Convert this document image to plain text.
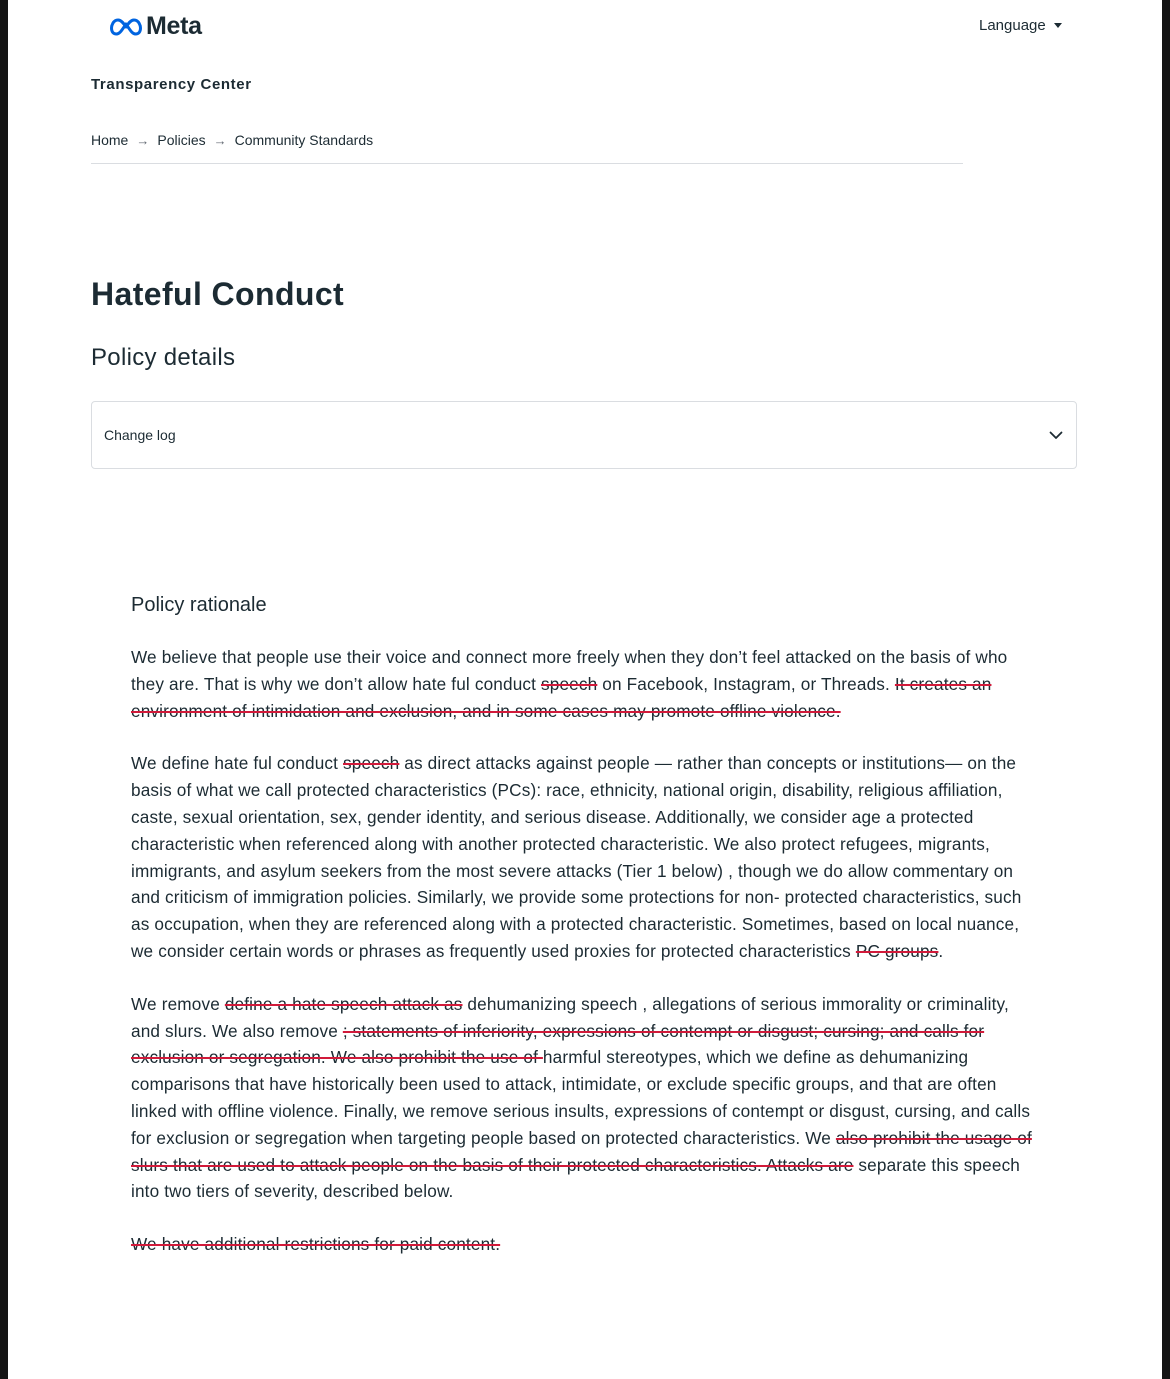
Meta	Language
Transparency Center
Home → Policies → Community Standards
Hateful Conduct
Policy details
Change log
Policy rationale

We believe that people use their voice and connect more freely when they don’t feel attacked on the basis of who they are. That is why we don’t allow hate ful conduct speech on Facebook, Instagram, or Threads. It creates an environment of intimidation and exclusion, and in some cases may promote offline violence.

We define hate ful conduct speech as direct attacks against people — rather than concepts or institutions— on the basis of what we call protected characteristics (PCs): race, ethnicity, national origin, disability, religious affiliation, caste, sexual orientation, sex, gender identity, and serious disease. Additionally, we consider age a protected characteristic when referenced along with another protected characteristic. We also protect refugees, migrants, immigrants, and asylum seekers from the most severe attacks (Tier 1 below) , though we do allow commentary on and criticism of immigration policies. Similarly, we provide some protections for non- protected characteristics, such as occupation, when they are referenced along with a protected characteristic. Sometimes, based on local nuance, we consider certain words or phrases as frequently used proxies for protected characteristics PC groups.

We remove define a hate speech attack as dehumanizing speech , allegations of serious immorality or criminality, and slurs. We also remove ; statements of inferiority, expressions of contempt or disgust; cursing; and calls for exclusion or segregation. We also prohibit the use of harmful stereotypes, which we define as dehumanizing comparisons that have historically been used to attack, intimidate, or exclude specific groups, and that are often linked with offline violence. Finally, we remove serious insults, expressions of contempt or disgust, cursing, and calls for exclusion or segregation when targeting people based on protected characteristics. We also prohibit the usage of slurs that are used to attack people on the basis of their protected characteristics. Attacks are separate this speech into two tiers of severity, described below.

We have additional restrictions for paid content.
